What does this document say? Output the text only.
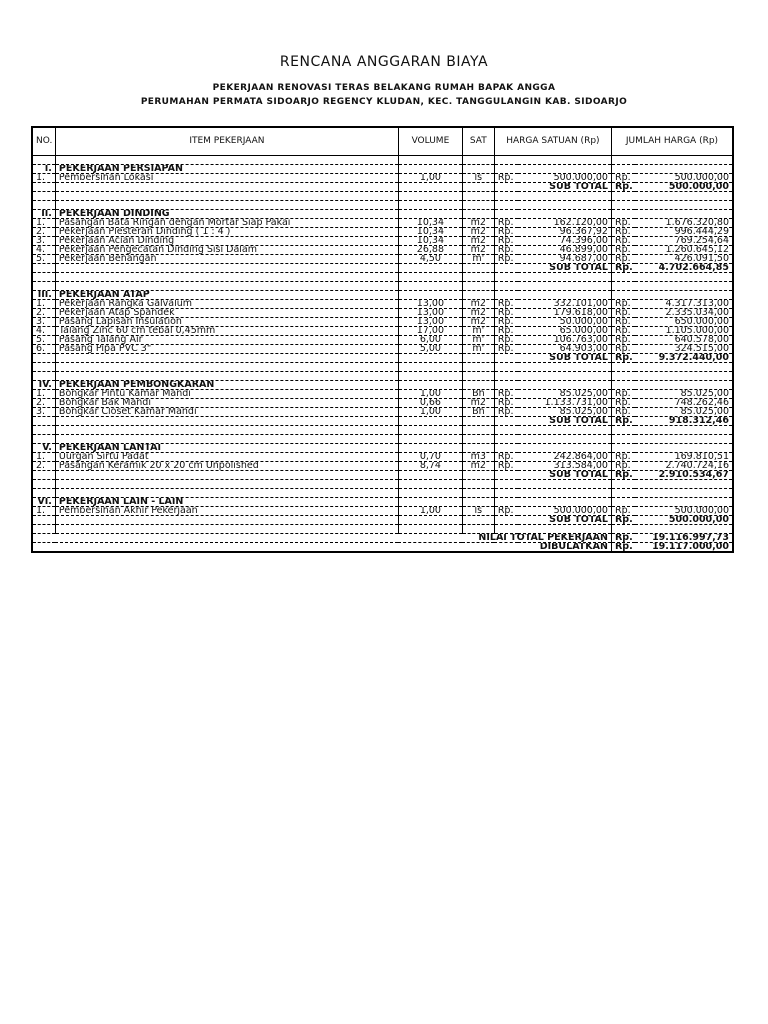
RENCANA ANGGARAN BIAYA
PEKERJAAN RENOVASI TERAS BELAKANG RUMAH BAPAK ANGGA
PERUMAHAN PERMATA SIDOARJO REGENCY KLUDAN, KEC. TANGGULANGIN KAB. SIDOARJO
NO.	ITEM PEKERJAAN	VOLUME	SAT	HARGA SATUAN (Rp)		JUMLAH HARGA (Rp)	

I.	PEKERJAAN PERSIAPAN						
1.	Pembersihan Lokasi	1,00	ls	Rp.	500.000,00	Rp.	500.000,00
				SUB TOTAL		Rp.	500.000,00

II.	PEKERJAAN DINDING						
1.	Pasangan Bata Ringan dengan Mortar Siap Pakai	10,34	m2	Rp.	162.120,00	Rp.	1.676.320,80
2.	Pekerjaan Plesteran Dinding ( 1 : 4 )	10,34	m2	Rp.	96.367,92	Rp.	996.444,29
3.	Pekerjaan Acian Dinding	10,34	m2	Rp.	74.396,00	Rp.	769.254,64
4.	Pekerjaan Pengecatan Dinding Sisi Dalam	26,88	m2	Rp.	46.899,00	Rp.	1.260.645,12
5.	Pekerjaan Benangan	4,50	m'	Rp.	94.687,00	Rp.	426.091,50
				SUB TOTAL		Rp.	4.702.664,85

III.	PEKERJAAN ATAP						
1.	Pekerjaan Rangka Galvalum	13,00	m2	Rp.	332.101,00	Rp.	4.317.313,00
2.	Pekerjaan Atap Spandek	13,00	m2	Rp.	179.618,00	Rp.	2.335.034,00
3.	Pasang Lapisan Insulation	13,00	m2	Rp.	50.000,00	Rp.	650.000,00
4.	Talang Zinc 60 cm tebal 0,45mm	17,00	m'	Rp.	65.000,00	Rp.	1.105.000,00
5.	Pasang Talang Air	6,00	m'	Rp.	106.763,00	Rp.	640.578,00
6.	Pasang Pipa PVC 3"	5,00	m'	Rp.	64.903,00	Rp.	324.515,00
				SUB TOTAL		Rp.	9.372.440,00

IV.	PEKERJAAN PEMBONGKARAN						
1.	Bongkar Pintu Kamar Mandi	1,00	Bh	Rp.	85.025,00	Rp.	85.025,00
2.	Bongkar Bak Mandi	0,66	m2	Rp.	1.133.731,00	Rp.	748.262,46
3.	Bongkar Closet Kamar Mandi	1,00	Bh	Rp.	85.025,00	Rp.	85.025,00
				SUB TOTAL		Rp.	918.312,46

V.	PEKERJAAN LANTAI						
1.	Uurgan Sirtu Padat	0,70	m3	Rp.	242.864,00	Rp.	169.810,51
2.	Pasangan Keramik 20 x 20 cm Unpolished	8,74	m2	Rp.	313.584,00	Rp.	2.740.724,16
				SUB TOTAL		Rp.	2.910.534,67

VI.	PEKERJAAN LAIN - LAIN						
1.	Pembersihan Akhir Pekerjaan	1,00	ls	Rp.	500.000,00	Rp.	500.000,00
				SUB TOTAL		Rp.	500.000,00

NILAI TOTAL PEKERJAAN						Rp.	19.116.997,73
DIBULATKAN						Rp.	19.117.000,00
